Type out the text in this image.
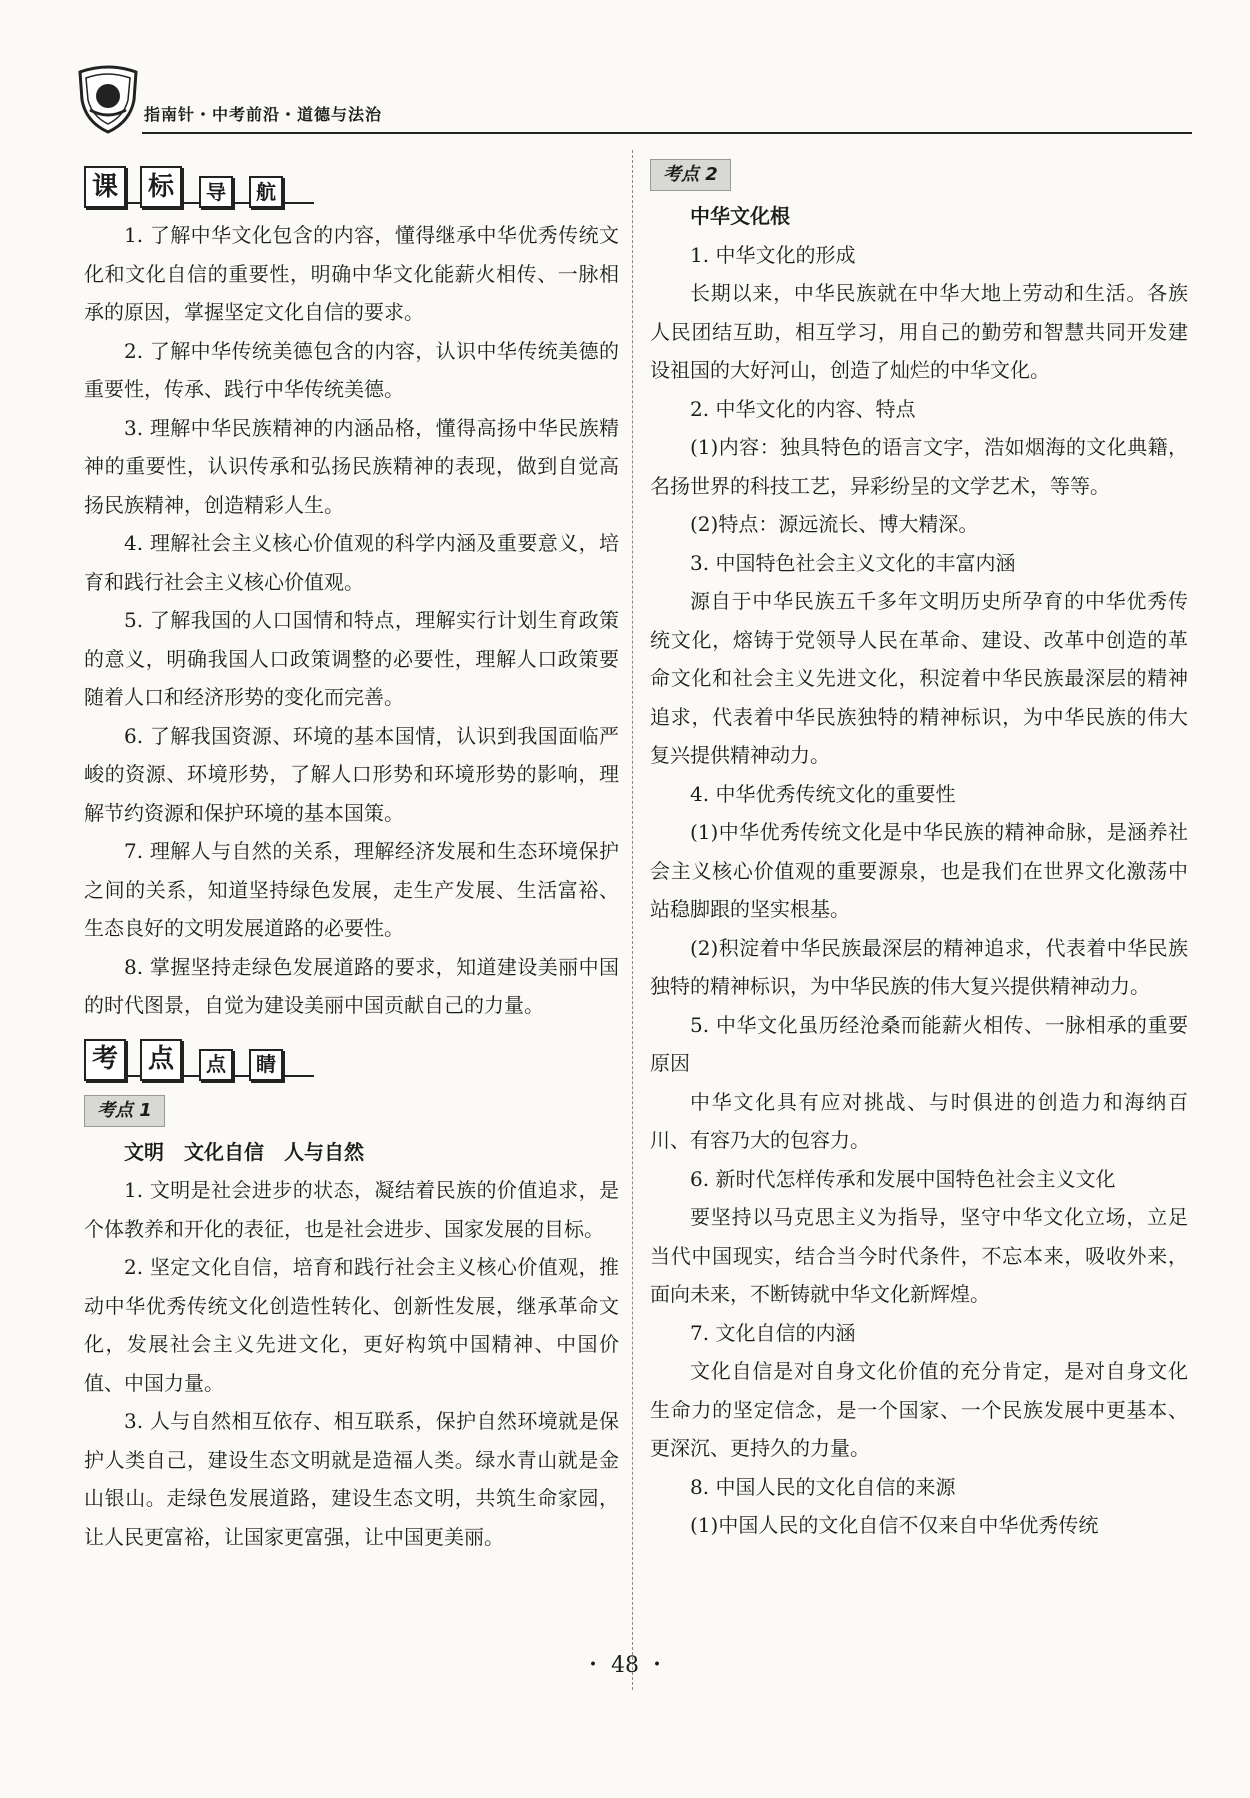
指南针・中考前沿・道德与法治
课	标	导	航

1. 了解中华文化包含的内容，懂得继承中华优秀传统文化和文化自信的重要性，明确中华文化能薪火相传、一脉相承的原因，掌握坚定文化自信的要求。

2. 了解中华传统美德包含的内容，认识中华传统美德的重要性，传承、践行中华传统美德。

3. 理解中华民族精神的内涵品格，懂得高扬中华民族精神的重要性，认识传承和弘扬民族精神的表现，做到自觉高扬民族精神，创造精彩人生。

4. 理解社会主义核心价值观的科学内涵及重要意义，培育和践行社会主义核心价值观。

5. 了解我国的人口国情和特点，理解实行计划生育政策的意义，明确我国人口政策调整的必要性，理解人口政策要随着人口和经济形势的变化而完善。

6. 了解我国资源、环境的基本国情，认识到我国面临严峻的资源、环境形势，了解人口形势和环境形势的影响，理解节约资源和保护环境的基本国策。

7. 理解人与自然的关系，理解经济发展和生态环境保护之间的关系，知道坚持绿色发展，走生产发展、生活富裕、生态良好的文明发展道路的必要性。

8. 掌握坚持走绿色发展道路的要求，知道建设美丽中国的时代图景，自觉为建设美丽中国贡献自己的力量。

考	点	点	睛
考点 1

文明　文化自信　人与自然

1. 文明是社会进步的状态，凝结着民族的价值追求，是个体教养和开化的表征，也是社会进步、国家发展的目标。

2. 坚定文化自信，培育和践行社会主义核心价值观，推动中华优秀传统文化创造性转化、创新性发展，继承革命文化，发展社会主义先进文化，更好构筑中国精神、中国价值、中国力量。

3. 人与自然相互依存、相互联系，保护自然环境就是保护人类自己，建设生态文明就是造福人类。绿水青山就是金山银山。走绿色发展道路，建设生态文明，共筑生命家园，让人民更富裕，让国家更富强，让中国更美丽。

考点 2

中华文化根

1. 中华文化的形成

长期以来，中华民族就在中华大地上劳动和生活。各族人民团结互助，相互学习，用自己的勤劳和智慧共同开发建设祖国的大好河山，创造了灿烂的中华文化。

2. 中华文化的内容、特点

(1)内容：独具特色的语言文字，浩如烟海的文化典籍，名扬世界的科技工艺，异彩纷呈的文学艺术，等等。

(2)特点：源远流长、博大精深。

3. 中国特色社会主义文化的丰富内涵

源自于中华民族五千多年文明历史所孕育的中华优秀传统文化，熔铸于党领导人民在革命、建设、改革中创造的革命文化和社会主义先进文化，积淀着中华民族最深层的精神追求，代表着中华民族独特的精神标识，为中华民族的伟大复兴提供精神动力。

4. 中华优秀传统文化的重要性

(1)中华优秀传统文化是中华民族的精神命脉，是涵养社会主义核心价值观的重要源泉，也是我们在世界文化激荡中站稳脚跟的坚实根基。

(2)积淀着中华民族最深层的精神追求，代表着中华民族独特的精神标识，为中华民族的伟大复兴提供精神动力。

5. 中华文化虽历经沧桑而能薪火相传、一脉相承的重要原因

中华文化具有应对挑战、与时俱进的创造力和海纳百川、有容乃大的包容力。

6. 新时代怎样传承和发展中国特色社会主义文化

要坚持以马克思主义为指导，坚守中华文化立场，立足当代中国现实，结合当今时代条件，不忘本来，吸收外来，面向未来，不断铸就中华文化新辉煌。

7. 文化自信的内涵

文化自信是对自身文化价值的充分肯定，是对自身文化生命力的坚定信念，是一个国家、一个民族发展中更基本、更深沉、更持久的力量。

8. 中国人民的文化自信的来源

(1)中国人民的文化自信不仅来自中华优秀传统

・ 48 ・
